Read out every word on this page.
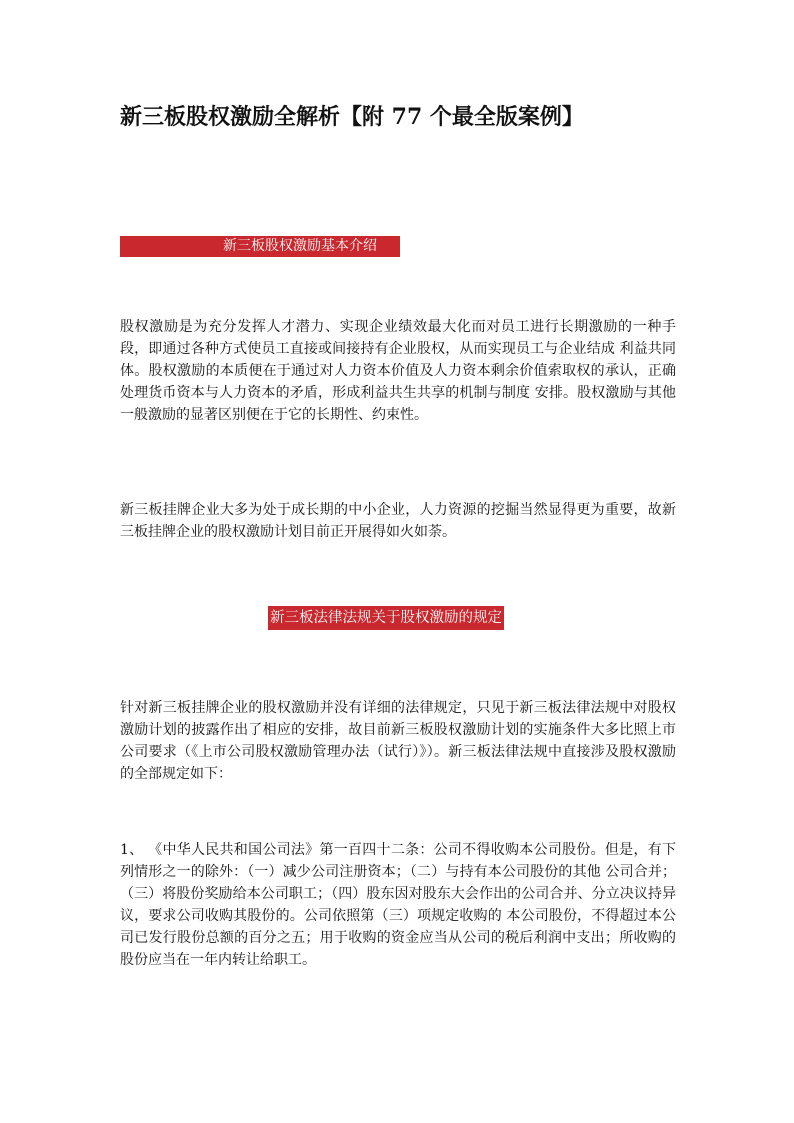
新三板股权激励全解析【附 77 个最全版案例】
新三板股权激励基本介绍

股权激励是为充分发挥人才潜力、实现企业绩效最大化而对员工进行长期激励的一种手段，即通过各种方式使员工直接或间接持有企业股权，从而实现员工与企业结成 利益共同体。股权激励的本质便在于通过对人力资本价值及人力资本剩余价值索取权的承认，正确处理货币资本与人力资本的矛盾，形成利益共生共享的机制与制度 安排。股权激励与其他一般激励的显著区别便在于它的长期性、约束性。

新三板挂牌企业大多为处于成长期的中小企业，人力资源的挖掘当然显得更为重要，故新三板挂牌企业的股权激励计划目前正开展得如火如荼。

新三板法律法规关于股权激励的规定

针对新三板挂牌企业的股权激励并没有详细的法律规定，只见于新三板法律法规中对股权激励计划的披露作出了相应的安排，故目前新三板股权激励计划的实施条件大多比照上市公司要求（《上市公司股权激励管理办法（试行）》）。新三板法律法规中直接涉及股权激励的全部规定如下：

1、 《中华人民共和国公司法》第一百四十二条：公司不得收购本公司股份。但是，有下列情形之一的除外：（一）减少公司注册资本；（二）与持有本公司股份的其他 公司合并；（三）将股份奖励给本公司职工；（四）股东因对股东大会作出的公司合并、分立决议持异议，要求公司收购其股份的。公司依照第（三）项规定收购的 本公司股份，不得超过本公司已发行股份总额的百分之五；用于收购的资金应当从公司的税后利润中支出；所收购的股份应当在一年内转让给职工。
